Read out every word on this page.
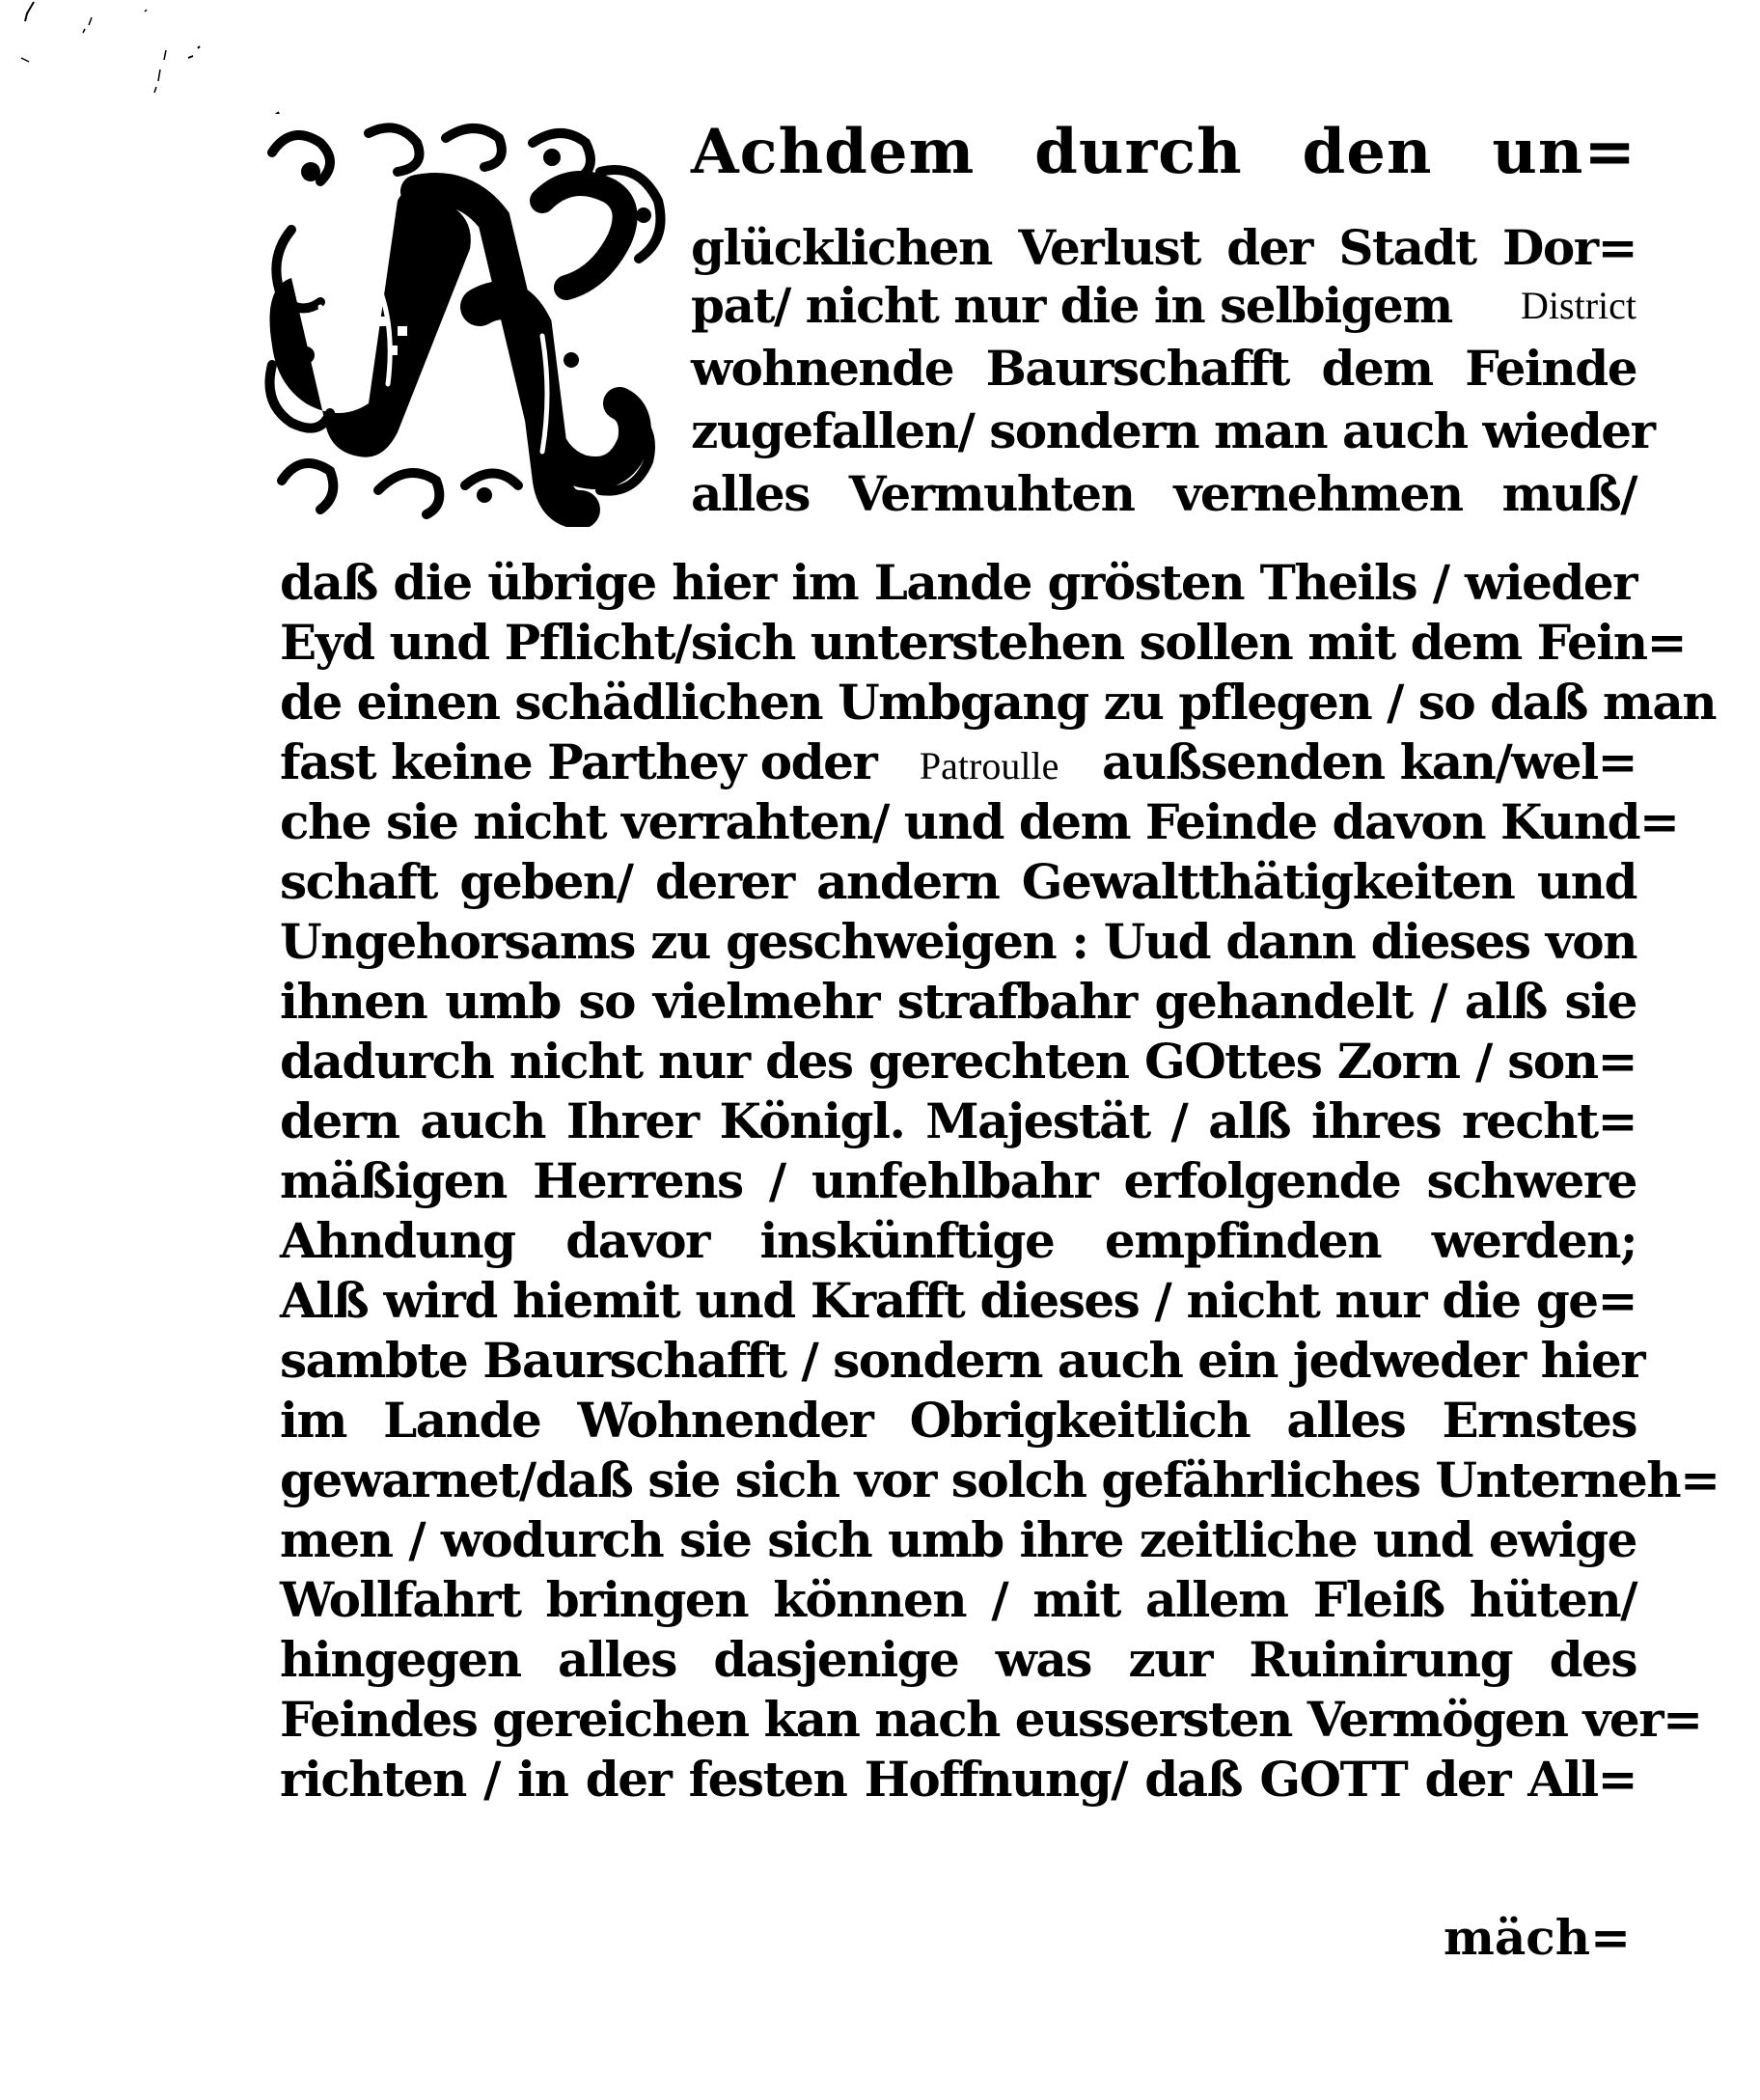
Achdem durch den un=
glücklichen Verlust der Stadt Dor=
pat/ nicht nur die in selbigem District
wohnende Baurschafft dem Feinde
zugefallen/ sondern man auch wieder
alles Vermuhten vernehmen muß/
daß die übrige hier im Lande grösten Theils / wieder
Eyd und Pflicht/sich unterstehen sollen mit dem Fein=
de einen schädlichen Umbgang zu pflegen / so daß man
fast keine Parthey oder Patroulle außsenden kan/wel=
che sie nicht verrahten/ und dem Feinde davon Kund=
schaft geben/ derer andern Gewaltthätigkeiten und
Ungehorsams zu geschweigen : Uud dann dieses von
ihnen umb so vielmehr strafbahr gehandelt / alß sie
dadurch nicht nur des gerechten GOttes Zorn / son=
dern auch Ihrer Königl. Majestät / alß ihres recht=
mäßigen Herrens / unfehlbahr erfolgende schwere
Ahndung davor inskünftige empfinden werden;
Alß wird hiemit und Krafft dieses / nicht nur die ge=
sambte Baurschafft / sondern auch ein jedweder hier
im Lande Wohnender Obrigkeitlich alles Ernstes
gewarnet/daß sie sich vor solch gefährliches Unterneh=
men / wodurch sie sich umb ihre zeitliche und ewige
Wollfahrt bringen können / mit allem Fleiß hüten/
hingegen alles dasjenige was zur Ruinirung des
Feindes gereichen kan nach eussersten Vermögen ver=
richten / in der festen Hoffnung/ daß GOTT der All=
mäch=
